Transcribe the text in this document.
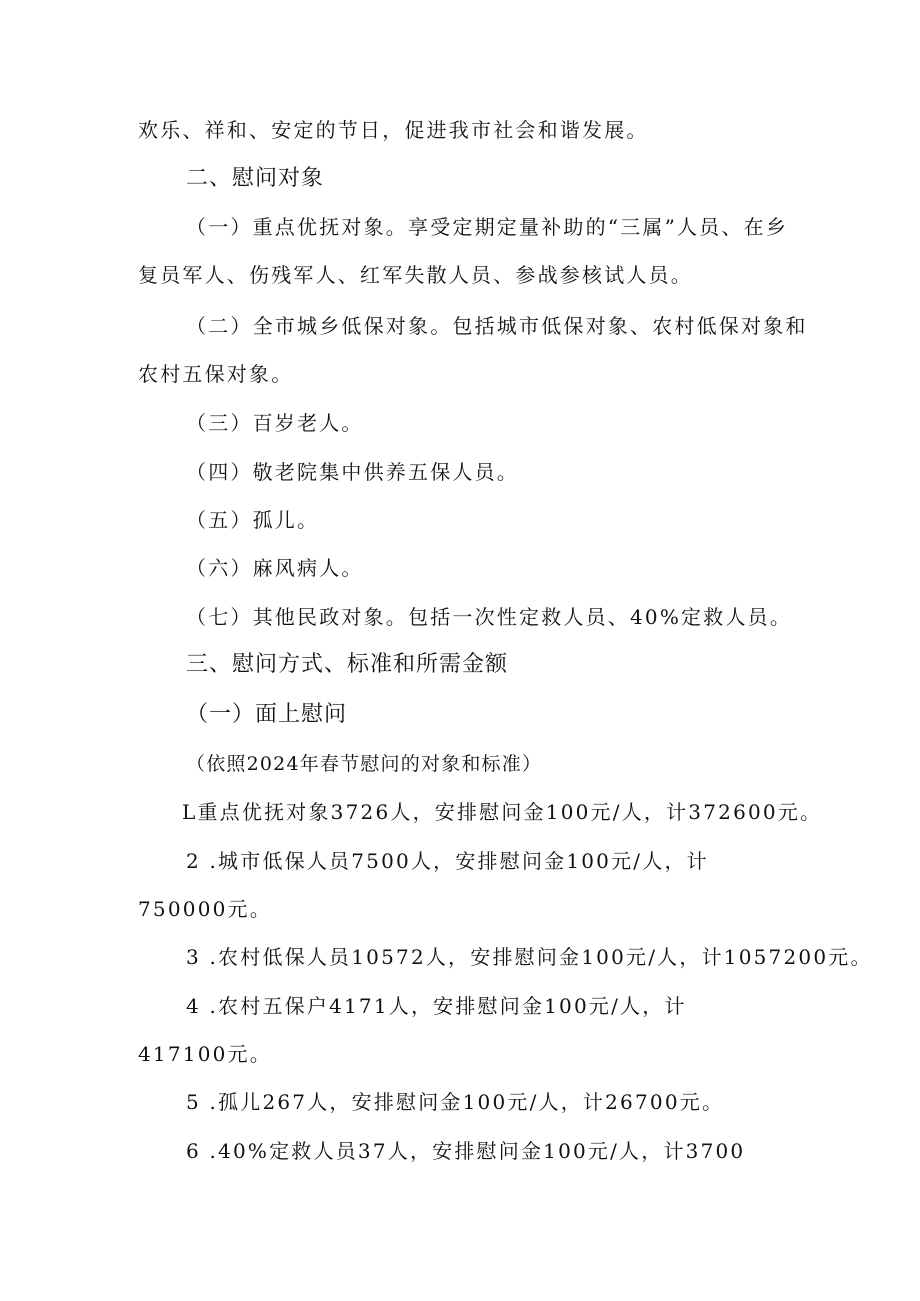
欢乐、祥和、安定的节日，促进我市社会和谐发展。
二、慰问对象
（一）重点优抚对象。享受定期定量补助的“三属”人员、在乡
复员军人、伤残军人、红军失散人员、参战参核试人员。
（二）全市城乡低保对象。包括城市低保对象、农村低保对象和
农村五保对象。
（三）百岁老人。
（四）敬老院集中供养五保人员。
（五）孤儿。
（六）麻风病人。
（七）其他民政对象。包括一次性定救人员、40%定救人员。
三、慰问方式、标准和所需金额
（一）面上慰问
（依照2024年春节慰问的对象和标准）
L重点优抚对象3726人，安排慰问金100元/人，计372600元。
2 .城市低保人员7500人，安排慰问金100元/人，计
750000元。
3 .农村低保人员10572人，安排慰问金100元/人，计1057200元。
4 .农村五保户4171人，安排慰问金100元/人，计
417100元。
5 .孤儿267人，安排慰问金100元/人，计26700元。
6 .40%定救人员37人，安排慰问金100元/人，计3700
